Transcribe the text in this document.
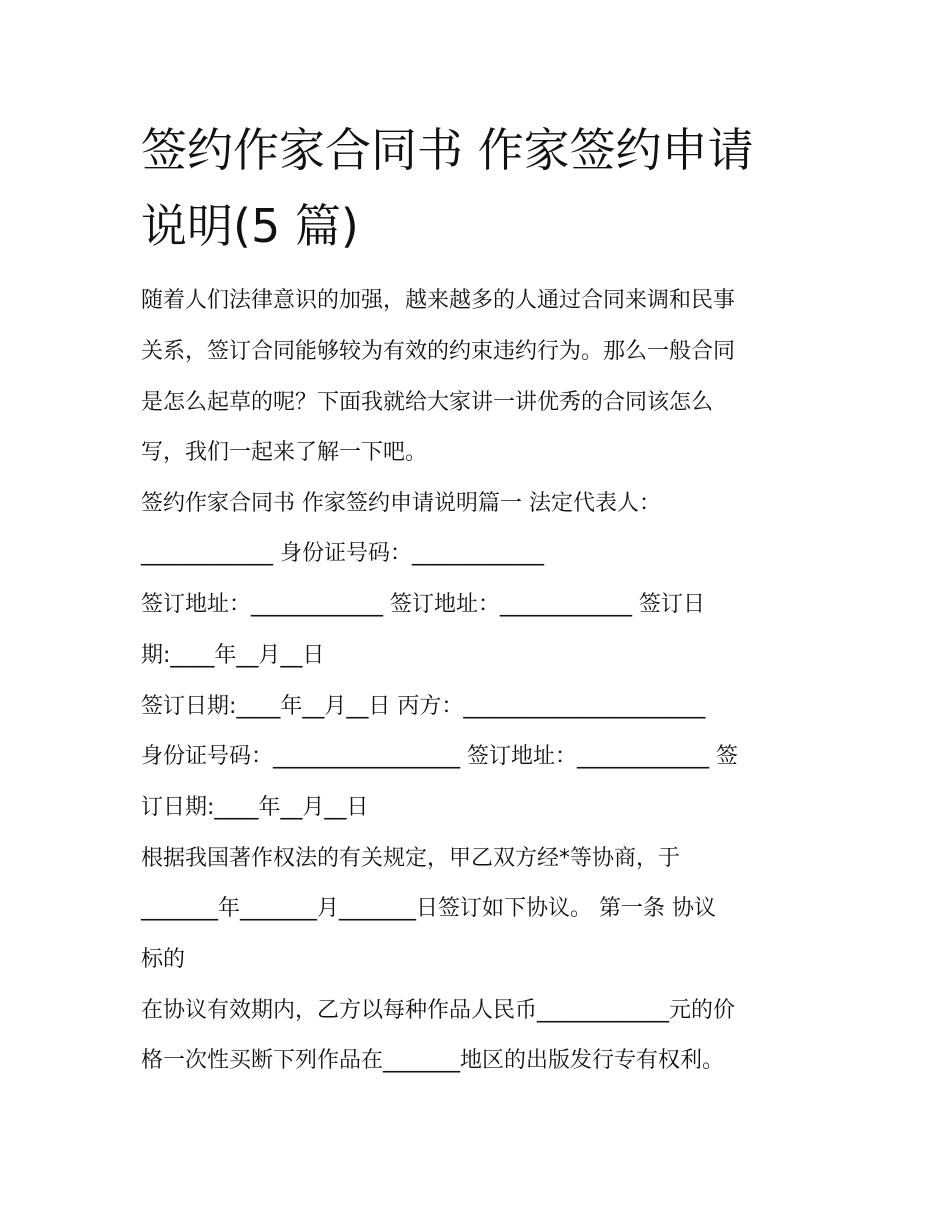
签约作家合同书 作家签约申请
说明(5 篇)
随着人们法律意识的加强，越来越多的人通过合同来调和民事
关系，签订合同能够较为有效的约束违约行为。那么一般合同
是怎么起草的呢？下面我就给大家讲一讲优秀的合同该怎么
写，我们一起来了解一下吧。
签约作家合同书 作家签约申请说明篇一 法定代表人：
____________ 身份证号码：____________
签订地址：____________ 签订地址：____________ 签订日
期:____年__月__日
签订日期:____年__月__日 丙方：______________________
身份证号码：_________________ 签订地址：____________ 签
订日期:____年__月__日
根据我国著作权法的有关规定，甲乙双方经*等协商，于
_______年_______月_______日签订如下协议。 第一条 协议
标的
在协议有效期内，乙方以每种作品人民币____________元的价
格一次性买断下列作品在_______地区的出版发行专有权利。
